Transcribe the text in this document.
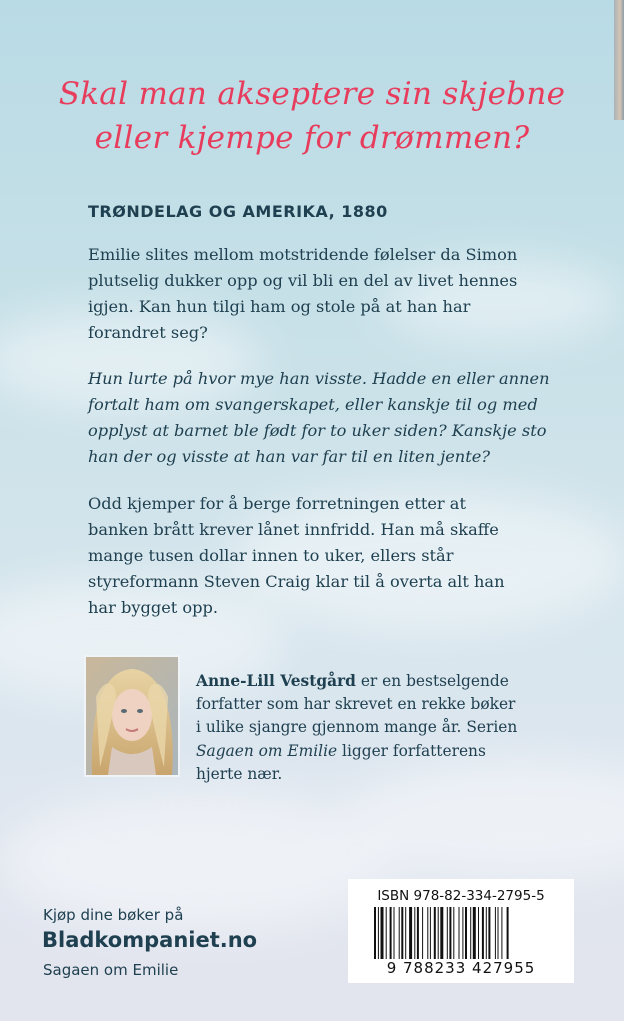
Skal man akseptere sin skjebne
eller kjempe for drømmen?
TRØNDELAG OG AMERIKA, 1880
Emilie slites mellom motstridende følelser da Simon
plutselig dukker opp og vil bli en del av livet hennes
igjen. Kan hun tilgi ham og stole på at han har
forandret seg?
Hun lurte på hvor mye han visste. Hadde en eller annen
fortalt ham om svangerskapet, eller kanskje til og med
opplyst at barnet ble født for to uker siden? Kanskje sto
han der og visste at han var far til en liten jente?
Odd kjemper for å berge forretningen etter at
banken brått krever lånet innfridd. Han må skaffe
mange tusen dollar innen to uker, ellers står
styreformann Steven Craig klar til å overta alt han
har bygget opp.
Anne-Lill Vestgård er en bestselgende
forfatter som har skrevet en rekke bøker
i ulike sjangre gjennom mange år. Serien
Sagaen om Emilie ligger forfatterens
hjerte nær.
Kjøp dine bøker på
Bladkompaniet.no
Sagaen om Emilie
ISBN 978-82-334-2795-5
9 788233 427955
